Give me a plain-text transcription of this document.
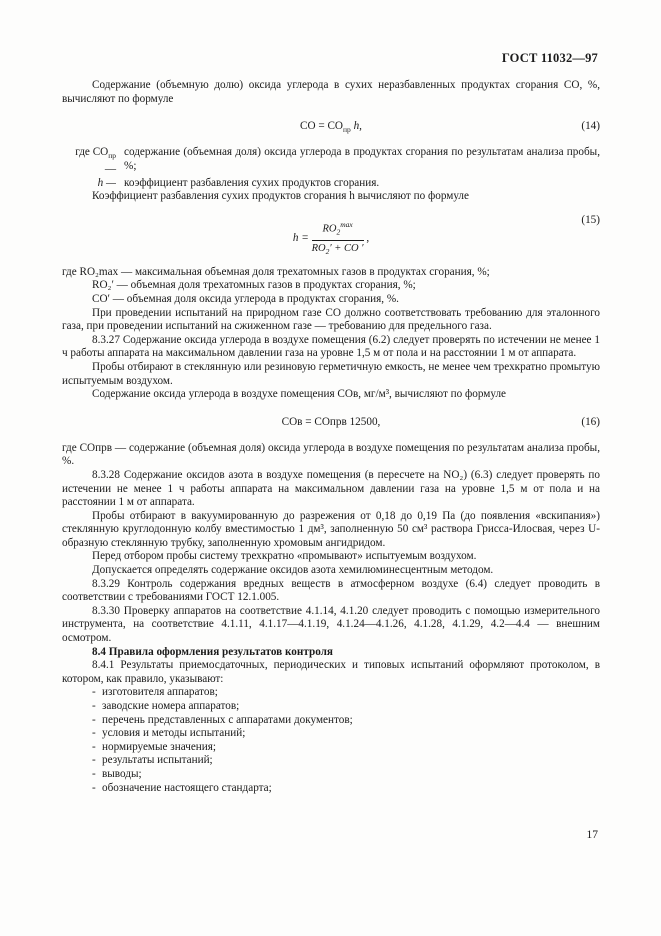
ГОСТ 11032—97

Содержание (объемную долю) оксида углерода в сухих неразбавленных продуктах сгорания CO, %, вычисляют по формуле

CO = $CO_{пр}$ h,	(14)
где $CO_{пр}$ —
содержание (объемная доля) оксида углерода в продуктах сгорания по результатам анализа пробы, %;
h — коэффициент разбавления сухих продуктов сгорания.

Коэффициент разбавления сухих продуктов сгорания h вычисляют по формуле

$h = \frac{RO_2^{max}}{RO_2' + CO '}$ ,
(15)

где RO₂max — максимальная объемная доля трехатомных газов в продуктах сгорания, %;

RO₂′ — объемная доля трехатомных газов в продуктах сгорания, %;

CO′ — объемная доля оксида углерода в продуктах сгорания, %.

При проведении испытаний на природном газе CO должно соответствовать требованию для эталонного газа, при проведении испытаний на сжиженном газе — требованию для предельного газа.

8.3.27 Содержание оксида углерода в воздухе помещения (6.2) следует проверять по истечении не менее 1 ч работы аппарата на максимальном давлении газа на уровне 1,5 м от пола и на расстоянии 1 м от аппарата.

Пробы отбирают в стеклянную или резиновую герметичную емкость, не менее чем трехкратно промытую испытуемым воздухом.

Содержание оксида углерода в воздухе помещения COв, мг/м³, вычисляют по формуле

COв = COпрв 12500,	(16)

где COпрв — содержание (объемная доля) оксида углерода в воздухе помещения по результатам анализа пробы, %.

8.3.28 Содержание оксидов азота в воздухе помещения (в пересчете на NO₂) (6.3) следует проверять по истечении не менее 1 ч работы аппарата на максимальном давлении газа на уровне 1,5 м от пола и на расстоянии 1 м от аппарата.

Пробы отбирают в вакуумированную до разрежения от 0,18 до 0,19 Па (до появления «вскипания») стеклянную круглодонную колбу вместимостью 1 дм³, заполненную 50 см³ раствора Грисса-Илосвая, через U-образную стеклянную трубку, заполненную хромовым ангидридом.

Перед отбором пробы систему трехкратно «промывают» испытуемым воздухом.

Допускается определять содержание оксидов азота хемилюминесцентным методом.

8.3.29 Контроль содержания вредных веществ в атмосферном воздухе (6.4) следует проводить в соответствии с требованиями ГОСТ 12.1.005.

8.3.30 Проверку аппаратов на соответствие 4.1.14, 4.1.20 следует проводить с помощью измерительного инструмента, на соответствие 4.1.11, 4.1.17—4.1.19, 4.1.24—4.1.26, 4.1.28, 4.1.29, 4.2—4.4 — внешним осмотром.

8.4 Правила оформления результатов контроля

8.4.1 Результаты приемосдаточных, периодических и типовых испытаний оформляют протоколом, в котором, как правило, указывают:

- изготовителя аппаратов;
- заводские номера аппаратов;
- перечень представленных с аппаратами документов;
- условия и методы испытаний;
- нормируемые значения;
- результаты испытаний;
- выводы;
- обозначение настоящего стандарта;
17
